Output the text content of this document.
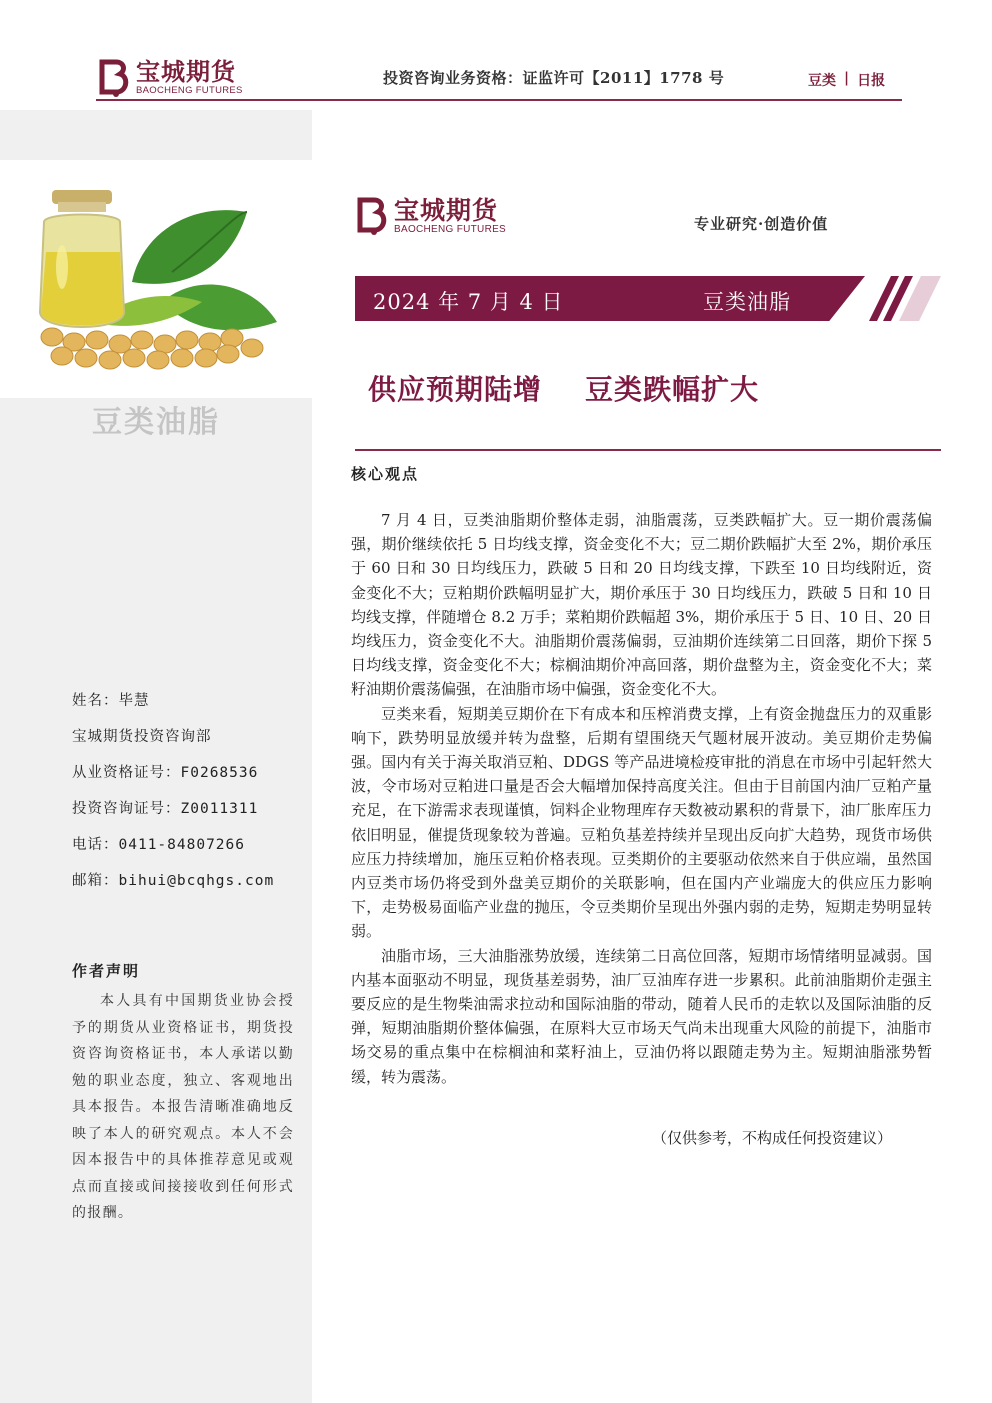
宝城期货
BAOCHENG FUTURES
投资咨询业务资格：证监许可【2011】1778 号	豆类 | 日报
豆类油脂
姓名：毕慧
宝城期货投资咨询部
从业资格证号：F0268536
投资咨询证号：Z0011311
电话：0411-84807266
邮箱：bihui@bcqhgs.com
作者声明
本人具有中国期货业协会授予的期货从业资格证书，期货投资咨询资格证书，本人承诺以勤勉的职业态度，独立、客观地出具本报告。本报告清晰准确地反映了本人的研究观点。本人不会因本报告中的具体推荐意见或观点而直接或间接接收到任何形式的报酬。
宝城期货
BAOCHENG FUTURES	专业研究·创造价值
2024 年 7 月 4 日	豆类油脂
供应预期陆增    豆类跌幅扩大
核心观点

7 月 4 日，豆类油脂期价整体走弱，油脂震荡，豆类跌幅扩大。豆一期价震荡偏强，期价继续依托 5 日均线支撑，资金变化不大；豆二期价跌幅扩大至 2%，期价承压于 60 日和 30 日均线压力，跌破 5 日和 20 日均线支撑，下跌至 10 日均线附近，资金变化不大；豆粕期价跌幅明显扩大，期价承压于 30 日均线压力，跌破 5 日和 10 日均线支撑，伴随增仓 8.2 万手；菜粕期价跌幅超 3%，期价承压于 5 日、10 日、20 日均线压力，资金变化不大。油脂期价震荡偏弱，豆油期价连续第二日回落，期价下探 5 日均线支撑，资金变化不大；棕榈油期价冲高回落，期价盘整为主，资金变化不大；菜籽油期价震荡偏强，在油脂市场中偏强，资金变化不大。

豆类来看，短期美豆期价在下有成本和压榨消费支撑，上有资金抛盘压力的双重影响下，跌势明显放缓并转为盘整，后期有望围绕天气题材展开波动。美豆期价走势偏强。国内有关于海关取消豆粕、DDGS 等产品进境检疫审批的消息在市场中引起轩然大波，令市场对豆粕进口量是否会大幅增加保持高度关注。但由于目前国内油厂豆粕产量充足，在下游需求表现谨慎，饲料企业物理库存天数被动累积的背景下，油厂胀库压力依旧明显，催提货现象较为普遍。豆粕负基差持续并呈现出反向扩大趋势，现货市场供应压力持续增加，施压豆粕价格表现。豆类期价的主要驱动依然来自于供应端，虽然国内豆类市场仍将受到外盘美豆期价的关联影响，但在国内产业端庞大的供应压力影响下，走势极易面临产业盘的抛压，令豆类期价呈现出外强内弱的走势，短期走势明显转弱。

油脂市场，三大油脂涨势放缓，连续第二日高位回落，短期市场情绪明显减弱。国内基本面驱动不明显，现货基差弱势，油厂豆油库存进一步累积。此前油脂期价走强主要反应的是生物柴油需求拉动和国际油脂的带动，随着人民币的走软以及国际油脂的反弹，短期油脂期价整体偏强，在原料大豆市场天气尚未出现重大风险的前提下，油脂市场交易的重点集中在棕榈油和菜籽油上，豆油仍将以跟随走势为主。短期油脂涨势暂缓，转为震荡。

（仅供参考，不构成任何投资建议）
